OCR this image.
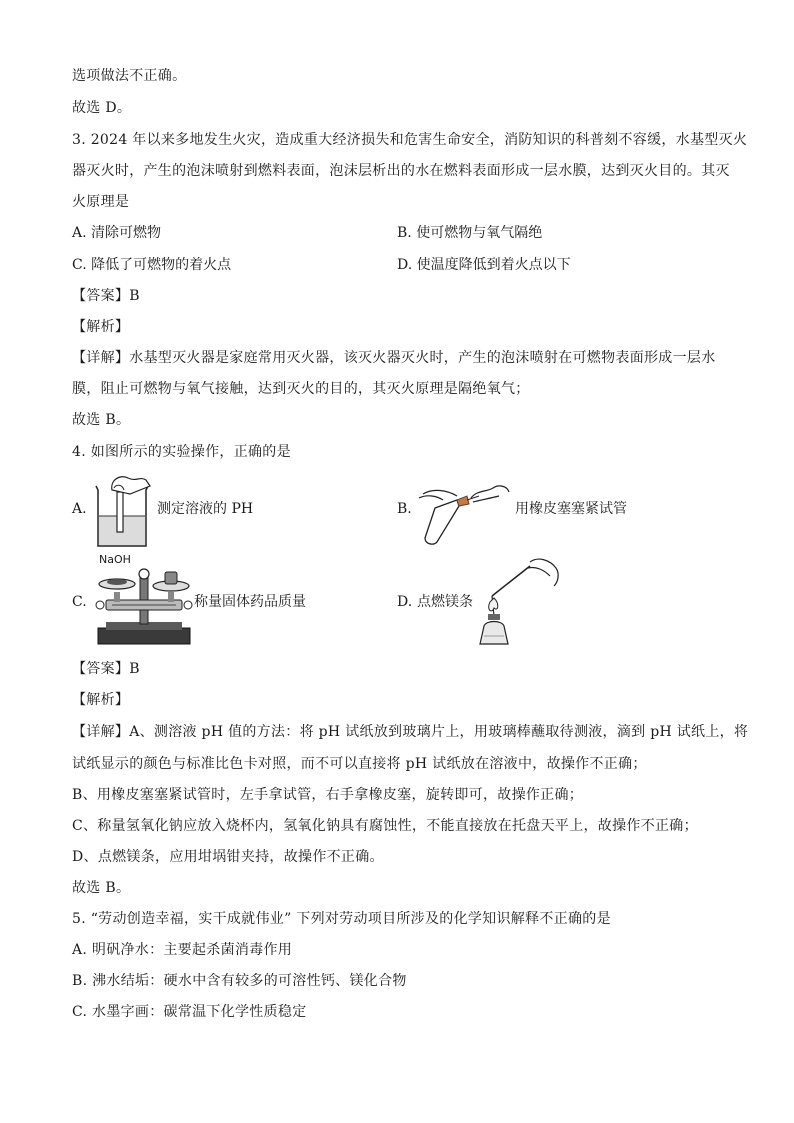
选项做法不正确。
故选 D。
3. 2024 年以来多地发生火灾，造成重大经济损失和危害生命安全，消防知识的科普刻不容缓，水基型灭火
器灭火时，产生的泡沫喷射到燃料表面，泡沫层析出的水在燃料表面形成一层水膜，达到灭火目的。其灭
火原理是
A. 清除可燃物	B. 使可燃物与氧气隔绝
C. 降低了可燃物的着火点	D. 使温度降低到着火点以下
【答案】B
【解析】
【详解】水基型灭火器是家庭常用灭火器，该灭火器灭火时，产生的泡沫喷射在可燃物表面形成一层水
膜，阻止可燃物与氧气接触，达到灭火的目的，其灭火原理是隔绝氧气；
故选 B。
4. 如图所示的实验操作，正确的是
A.	测定溶液的 PH	B.	用橡皮塞塞紧试管
C.
NaOH
称量固体药品质量	D. 点燃镁条
【答案】B
【解析】
【详解】A、测溶液 pH 值的方法：将 pH 试纸放到玻璃片上，用玻璃棒蘸取待测液，滴到 pH 试纸上，将
试纸显示的颜色与标准比色卡对照，而不可以直接将 pH 试纸放在溶液中，故操作不正确；
B、用橡皮塞塞紧试管时，左手拿试管，右手拿橡皮塞，旋转即可，故操作正确；
C、称量氢氧化钠应放入烧杯内，氢氧化钠具有腐蚀性，不能直接放在托盘天平上，故操作不正确；
D、点燃镁条，应用坩埚钳夹持，故操作不正确。
故选 B。
5. “劳动创造幸福，实干成就伟业” 下列对劳动项目所涉及的化学知识解释不正确的是
A. 明矾净水：主要起杀菌消毒作用
B. 沸水结垢：硬水中含有较多的可溶性钙、镁化合物
C. 水墨字画：碳常温下化学性质稳定
